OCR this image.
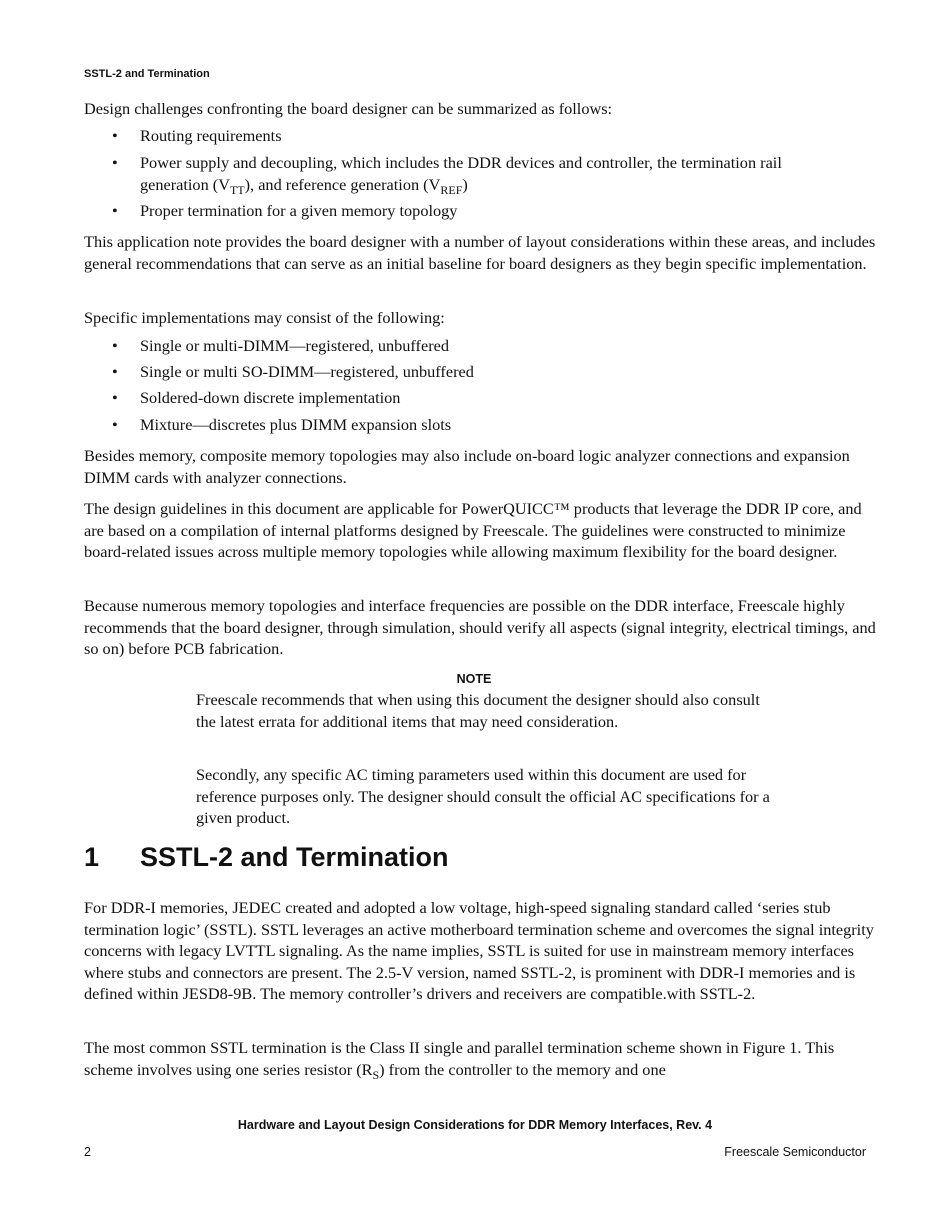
SSTL-2 and Termination

Design challenges confronting the board designer can be summarized as follows:

• Routing requirements
• Power supply and decoupling, which includes the DDR devices and controller, the termination rail
generation $(V_{TT})$, and reference generation $(V_{REF})$
• Proper termination for a given memory topology

This application note provides the board designer with a number of layout considerations within these areas, and includes general recommendations that can serve as an initial baseline for board designers as they begin specific implementation.

Specific implementations may consist of the following:

• Single or multi-DIMM—registered, unbuffered
• Single or multi SO-DIMM—registered, unbuffered
• Soldered-down discrete implementation
• Mixture—discretes plus DIMM expansion slots

Besides memory, composite memory topologies may also include on-board logic analyzer connections and expansion DIMM cards with analyzer connections.

The design guidelines in this document are applicable for PowerQUICC™ products that leverage the DDR IP core, and are based on a compilation of internal platforms designed by Freescale. The guidelines were constructed to minimize board-related issues across multiple memory topologies while allowing maximum flexibility for the board designer.

Because numerous memory topologies and interface frequencies are possible on the DDR interface, Freescale highly recommends that the board designer, through simulation, should verify all aspects (signal integrity, electrical timings, and so on) before PCB fabrication.

NOTE

Freescale recommends that when using this document the designer should also consult the latest errata for additional items that may need consideration.

Secondly, any specific AC timing parameters used within this document are used for reference purposes only. The designer should consult the official AC specifications for a given product.

1 SSTL-2 and Termination

For DDR-I memories, JEDEC created and adopted a low voltage, high-speed signaling standard called ‘series stub termination logic’ (SSTL). SSTL leverages an active motherboard termination scheme and overcomes the signal integrity concerns with legacy LVTTL signaling. As the name implies, SSTL is suited for use in mainstream memory interfaces where stubs and connectors are present. The 2.5-V version, named SSTL-2, is prominent with DDR-I memories and is defined within JESD8-9B. The memory controller’s drivers and receivers are compatible.with SSTL-2.

The most common SSTL termination is the Class II single and parallel termination scheme shown in Figure 1. This scheme involves using one series resistor $(R_S)$ from the controller to the memory and one

Hardware and Layout Design Considerations for DDR Memory Interfaces, Rev. 4
2	Freescale Semiconductor
